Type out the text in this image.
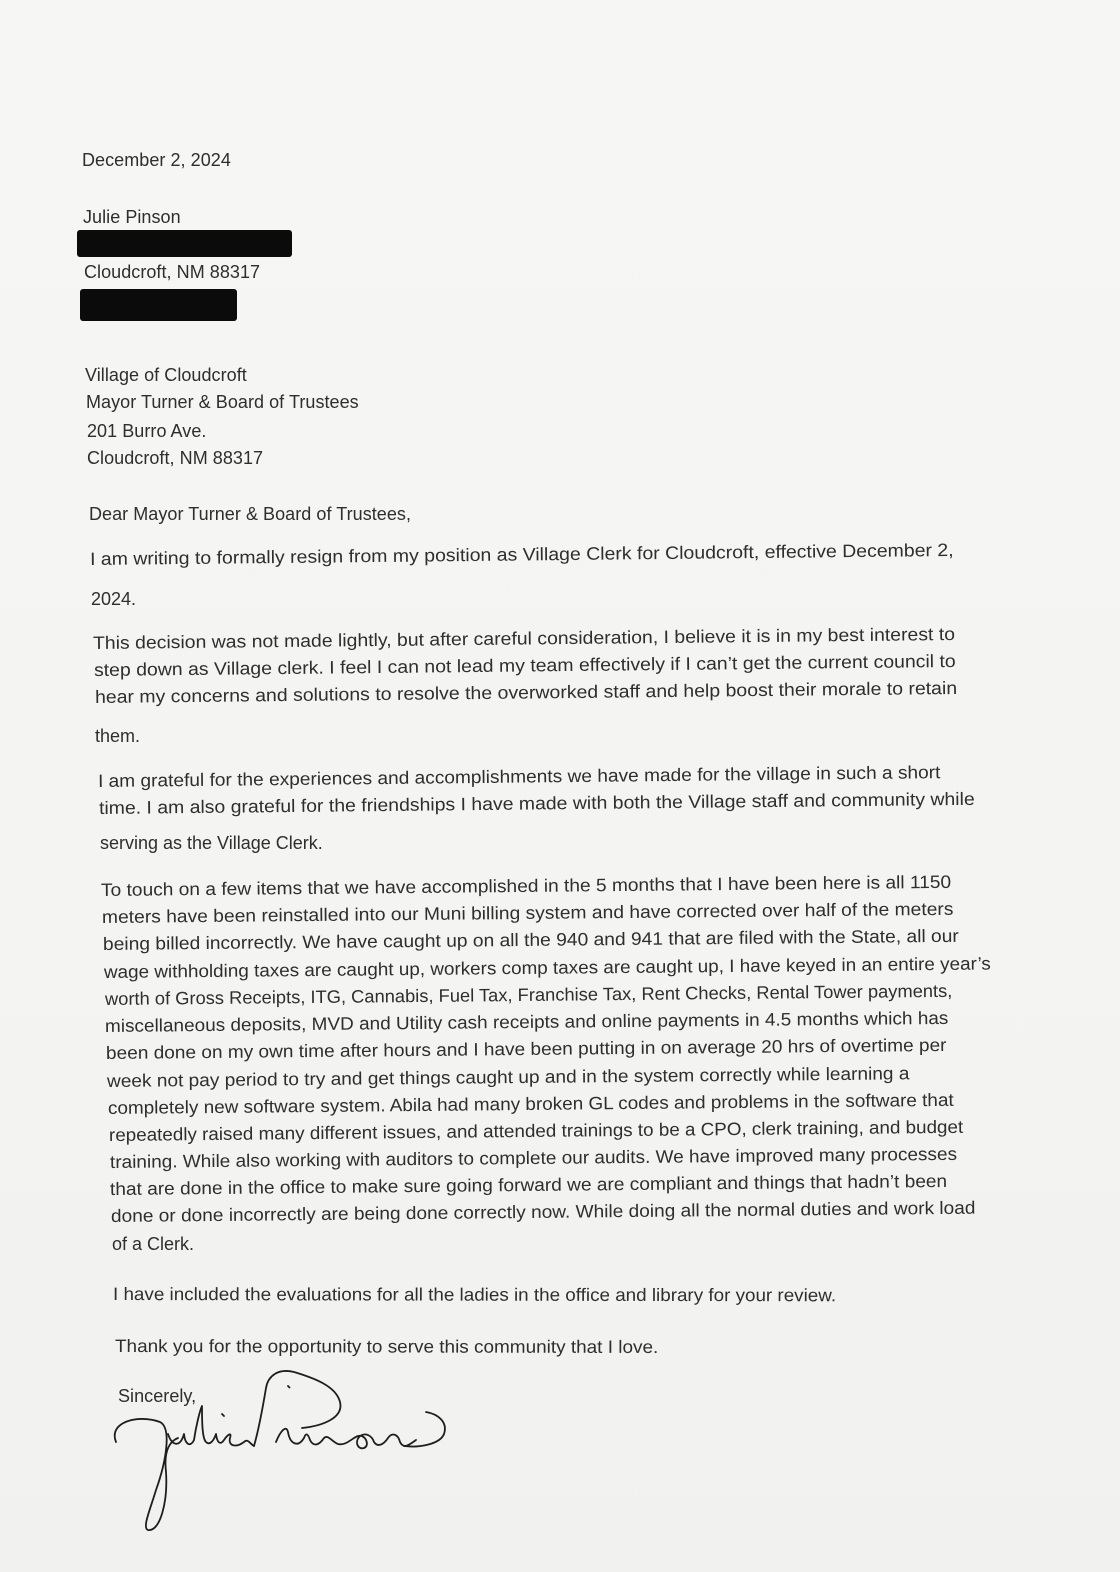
December 2, 2024
Julie Pinson
Cloudcroft, NM 88317
Village of Cloudcroft
Mayor Turner & Board of Trustees
201 Burro Ave.
Cloudcroft, NM 88317
Dear Mayor Turner & Board of Trustees,
I am writing to formally resign from my position as Village Clerk for Cloudcroft, effective December 2,
2024.
This decision was not made lightly, but after careful consideration, I believe it is in my best interest to
step down as Village clerk. I feel I can not lead my team effectively if I can’t get the current council to
hear my concerns and solutions to resolve the overworked staff and help boost their morale to retain
them.
I am grateful for the experiences and accomplishments we have made for the village in such a short
time. I am also grateful for the friendships I have made with both the Village staff and community while
serving as the Village Clerk.
To touch on a few items that we have accomplished in the 5 months that I have been here is all 1150
meters have been reinstalled into our Muni billing system and have corrected over half of the meters
being billed incorrectly. We have caught up on all the 940 and 941 that are filed with the State, all our
wage withholding taxes are caught up, workers comp taxes are caught up, I have keyed in an entire year’s
worth of Gross Receipts, ITG, Cannabis, Fuel Tax, Franchise Tax, Rent Checks, Rental Tower payments,
miscellaneous deposits, MVD and Utility cash receipts and online payments in 4.5 months which has
been done on my own time after hours and I have been putting in on average 20 hrs of overtime per
week not pay period to try and get things caught up and in the system correctly while learning a
completely new software system. Abila had many broken GL codes and problems in the software that
repeatedly raised many different issues, and attended trainings to be a CPO, clerk training, and budget
training. While also working with auditors to complete our audits. We have improved many processes
that are done in the office to make sure going forward we are compliant and things that hadn’t been
done or done incorrectly are being done correctly now. While doing all the normal duties and work load
of a Clerk.
I have included the evaluations for all the ladies in the office and library for your review.
Thank you for the opportunity to serve this community that I love.
Sincerely,
